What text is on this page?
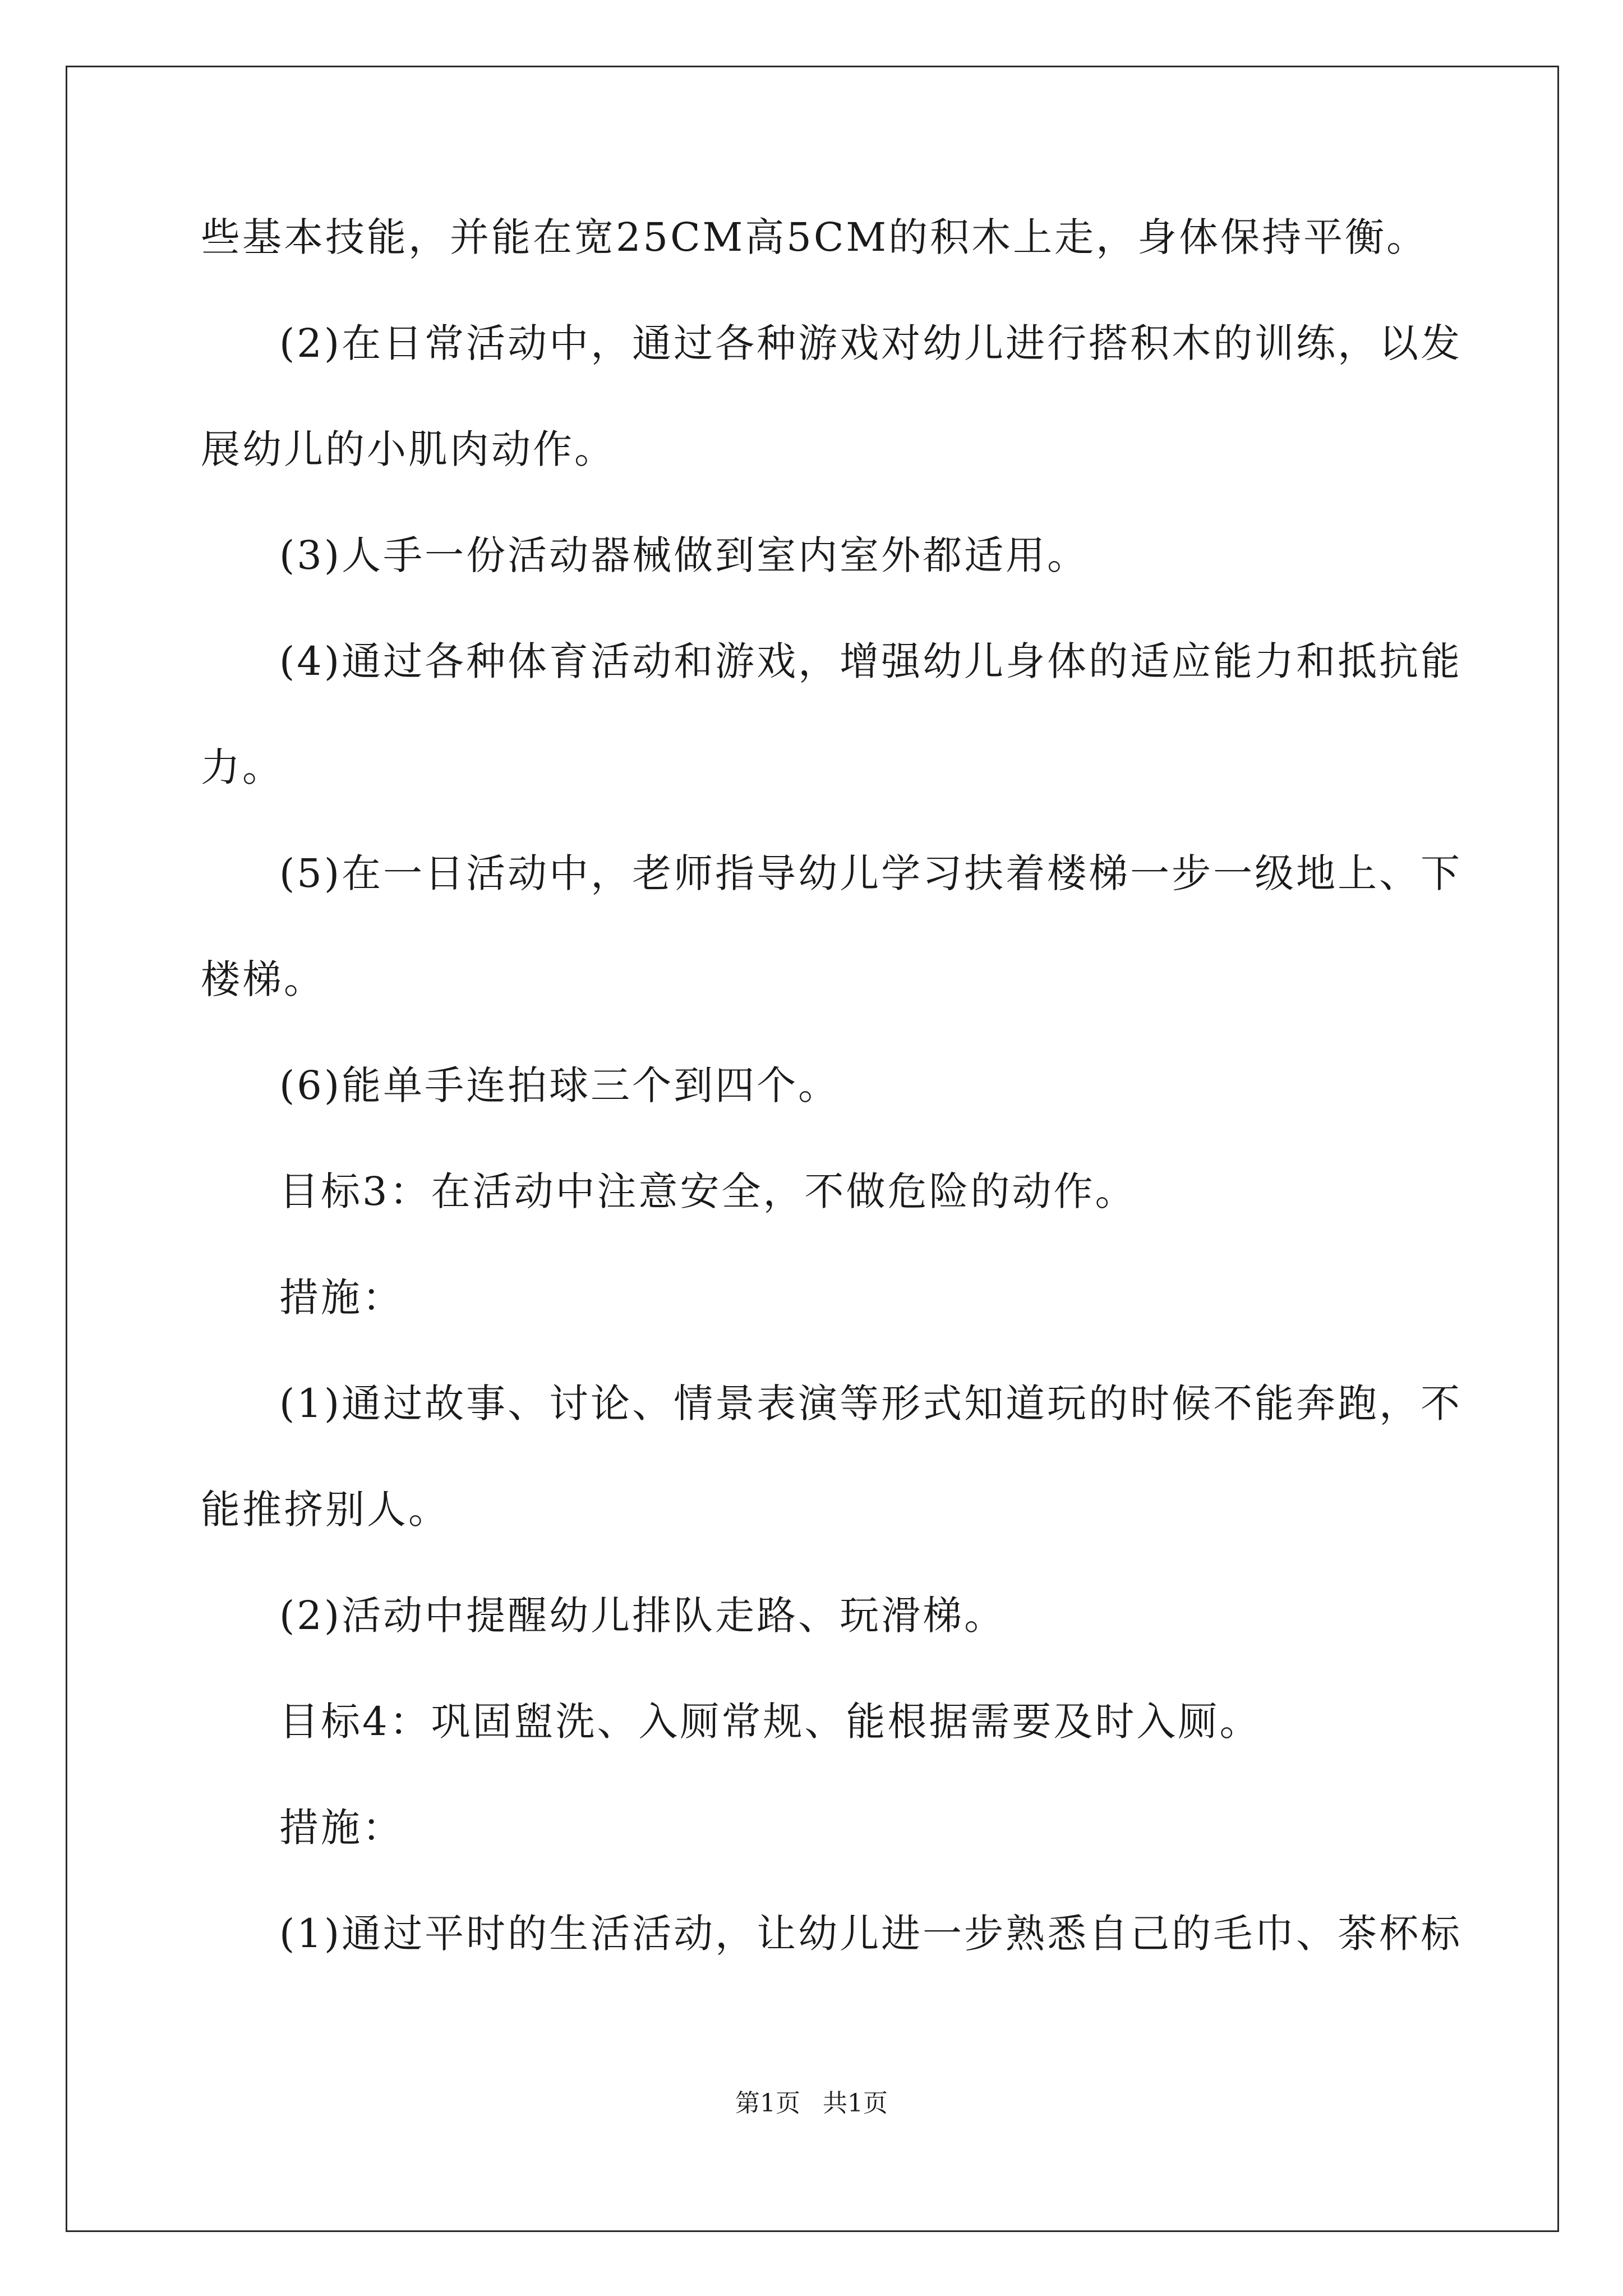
些基本技能，并能在宽25CM高5CM的积木上走，身体保持平衡。
(2)在日常活动中，通过各种游戏对幼儿进行搭积木的训练，以发
展幼儿的小肌肉动作。
(3)人手一份活动器械做到室内室外都适用。
(4)通过各种体育活动和游戏，增强幼儿身体的适应能力和抵抗能
力。
(5)在一日活动中，老师指导幼儿学习扶着楼梯一步一级地上、下
楼梯。
(6)能单手连拍球三个到四个。
目标3：在活动中注意安全，不做危险的动作。
措施：
(1)通过故事、讨论、情景表演等形式知道玩的时候不能奔跑，不
能推挤别人。
(2)活动中提醒幼儿排队走路、玩滑梯。
目标4：巩固盥洗、入厕常规、能根据需要及时入厕。
措施：
(1)通过平时的生活活动，让幼儿进一步熟悉自己的毛巾、茶杯标
第1页 共1页
